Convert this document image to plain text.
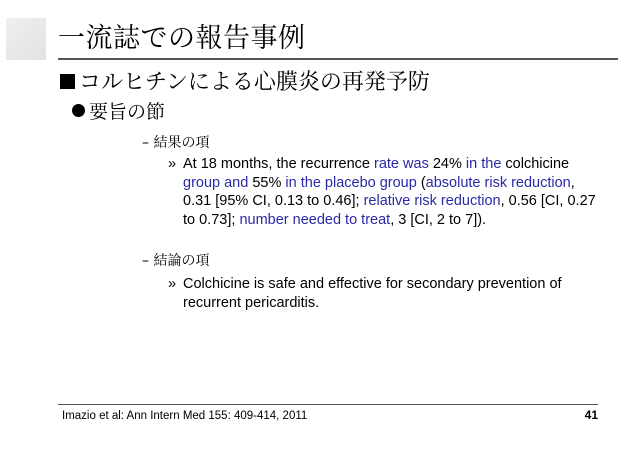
一流誌での報告事例
コルヒチンによる心膜炎の再発予防
要旨の節
– 結果の項
» At 18 months, the recurrence rate was 24% in the colchicine group and 55% in the placebo group (absolute risk reduction, 0.31 [95% CI, 0.13 to 0.46]; relative risk reduction, 0.56 [CI, 0.27 to 0.73]; number needed to treat, 3 [CI, 2 to 7]).
– 結論の項
» Colchicine is safe and effective for secondary prevention of recurrent pericarditis.
Imazio et al: Ann Intern Med 155: 409-414, 2011	41
